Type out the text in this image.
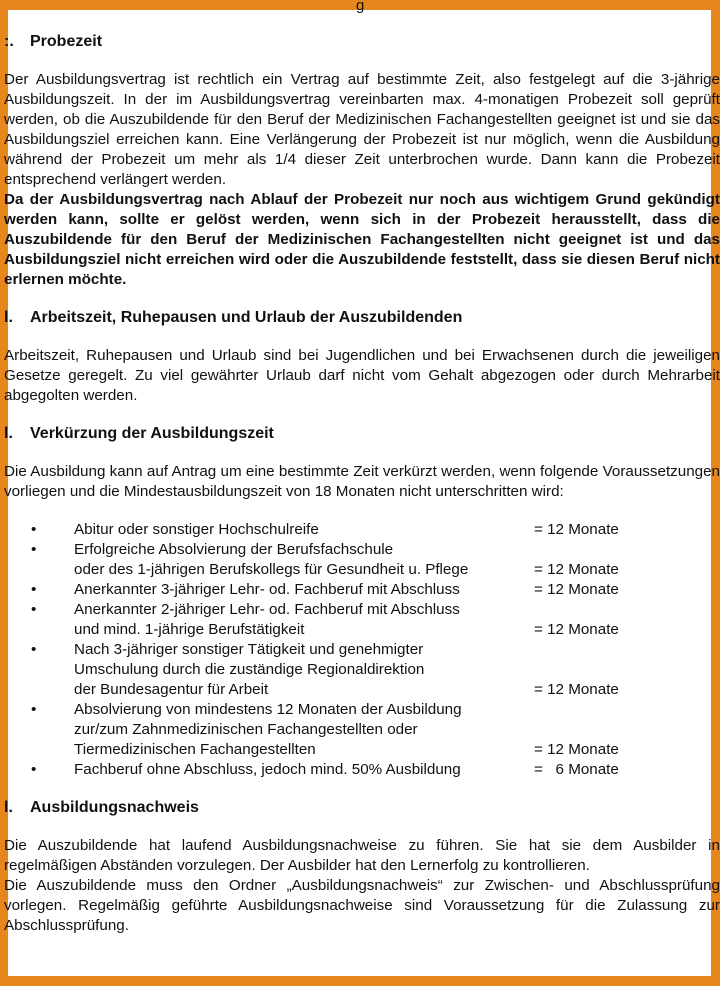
g
:. Probezeit

Der Ausbildungsvertrag ist rechtlich ein Vertrag auf bestimmte Zeit, also festgelegt auf die 3-jährige Ausbildungszeit. In der im Ausbildungsvertrag vereinbarten max. 4-monatigen Probezeit soll geprüft werden, ob die Auszubildende für den Beruf der Medizinischen Fachangestellten geeignet ist und sie das Ausbildungsziel erreichen kann. Eine Verlängerung der Probezeit ist nur möglich, wenn die Ausbildung während der Probezeit um mehr als 1/4 dieser Zeit unterbrochen wurde. Dann kann die Probezeit entsprechend verlängert werden.

Da der Ausbildungsvertrag nach Ablauf der Probezeit nur noch aus wichtigem Grund gekündigt werden kann, sollte er gelöst werden, wenn sich in der Probezeit herausstellt, dass die Auszubildende für den Beruf der Medizinischen Fachangestellten nicht geeignet ist und das Ausbildungsziel nicht erreichen wird oder die Auszubildende feststellt, dass sie diesen Beruf nicht erlernen möchte.

l. Arbeitszeit, Ruhepausen und Urlaub der Auszubildenden

Arbeitszeit, Ruhepausen und Urlaub sind bei Jugendlichen und bei Erwachsenen durch die jeweiligen Gesetze geregelt. Zu viel gewährter Urlaub darf nicht vom Gehalt abgezogen oder durch Mehrarbeit abgegolten werden.

l. Verkürzung der Ausbildungszeit

Die Ausbildung kann auf Antrag um eine bestimmte Zeit verkürzt werden, wenn folgende Voraussetzungen vorliegen und die Mindestausbildungszeit von 18 Monaten nicht unterschritten wird:

• Abitur oder sonstiger Hochschulreife	= 12 Monate
• Erfolgreiche Absolvierung der Berufsfachschule
oder des 1-jährigen Berufskollegs für Gesundheit u. Pflege	= 12 Monate
• Anerkannter 3-jähriger Lehr- od. Fachberuf mit Abschluss	= 12 Monate
• Anerkannter 2-jähriger Lehr- od. Fachberuf mit Abschluss
und mind. 1-jährige Berufstätigkeit	= 12 Monate
• Nach 3-jähriger sonstiger Tätigkeit und genehmigter
Umschulung durch die zuständige Regionaldirektion
der Bundesagentur für Arbeit	= 12 Monate
• Absolvierung von mindestens 12 Monaten der Ausbildung
zur/zum Zahnmedizinischen Fachangestellten oder
Tiermedizinischen Fachangestellten	= 12 Monate
• Fachberuf ohne Abschluss, jedoch mind. 50% Ausbildung	=   6 Monate
l. Ausbildungsnachweis

Die Auszubildende hat laufend Ausbildungsnachweise zu führen. Sie hat sie dem Ausbilder in regelmäßigen Abständen vorzulegen. Der Ausbilder hat den Lernerfolg zu kontrollieren.

Die Auszubildende muss den Ordner „Ausbildungsnachweis“ zur Zwischen- und Abschlussprüfung vorlegen. Regelmäßig geführte Ausbildungsnachweise sind Voraussetzung für die Zulassung zur Abschlussprüfung.
